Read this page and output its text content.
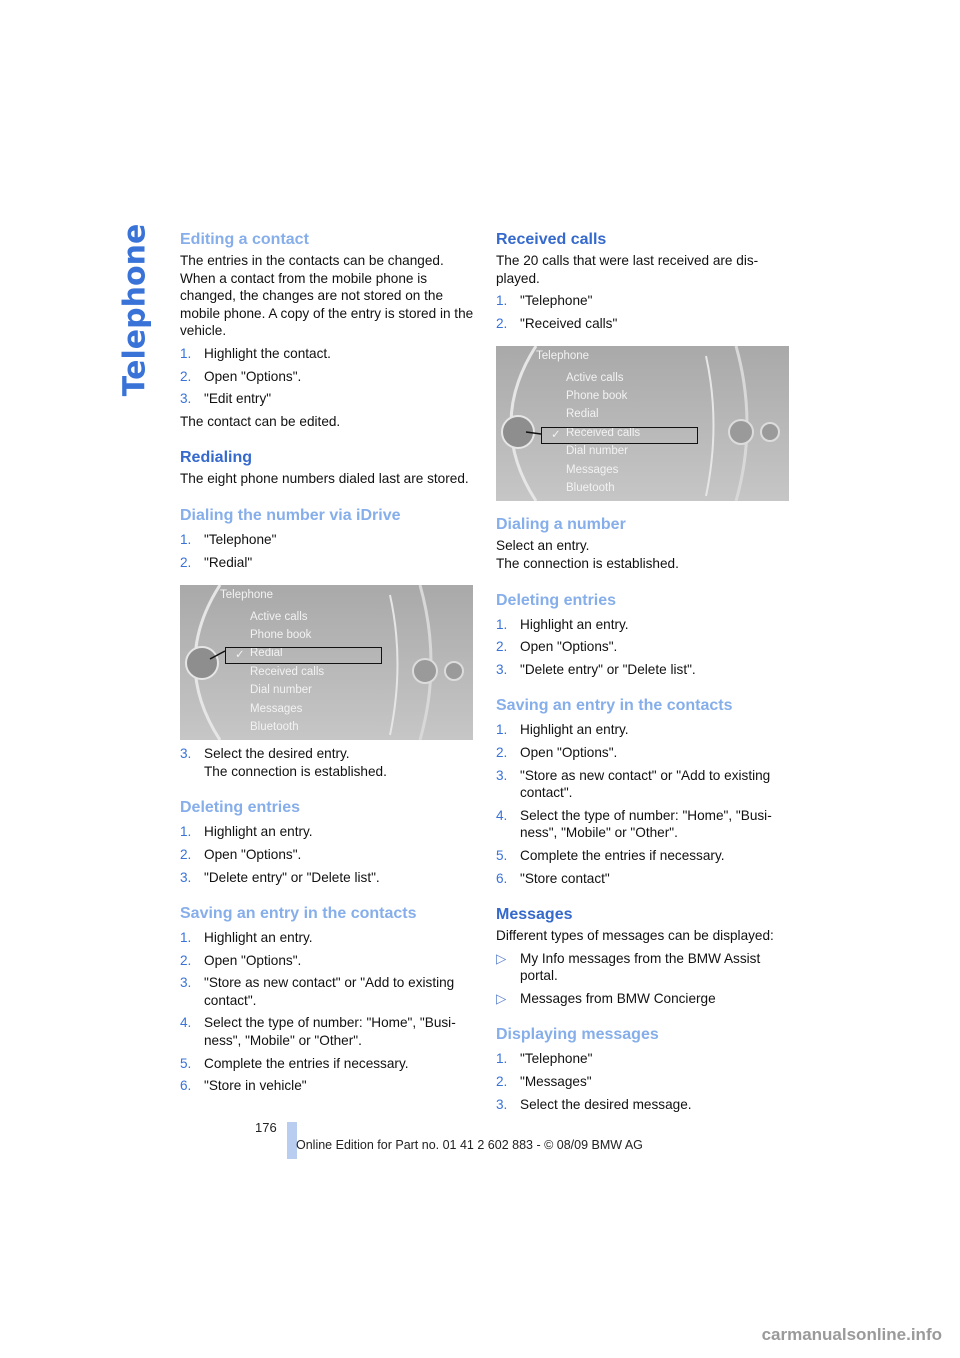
Telephone Editing a contact

The entries in the contacts can be changed. When a contact from the mobile phone is changed, the changes are not stored on the mobile phone. A copy of the entry is stored in the vehicle.

1. Highlight the contact.
2. Open "Options".
3. "Edit entry"

The contact can be edited.

Redialing

The eight phone numbers dialed last are stored.

Dialing the number via iDrive
1. "Telephone"
2. "Redial"
Telephone
Active calls
Phone book
Redial
✓
Received calls
Dial number
Messages
Bluetooth
3. Select the desired entry.
The connection is established.
Deleting entries
1. Highlight an entry.
2. Open "Options".
3. "Delete entry" or "Delete list".
Saving an entry in the contacts
1. Highlight an entry.
2. Open "Options".
3. "Store as new contact" or "Add to existing contact".
4. Select the type of number: "Home", "Busi-ness", "Mobile" or "Other".
5. Complete the entries if necessary.
6. "Store in vehicle"
Received calls

The 20 calls that were last received are dis-played.

1. "Telephone"
2. "Received calls"
Telephone
Active calls
Phone book
Redial
Received calls
✓
Dial number
Messages
Bluetooth
Dialing a number

Select an entry.

The connection is established.

Deleting entries
1. Highlight an entry.
2. Open "Options".
3. "Delete entry" or "Delete list".
Saving an entry in the contacts
1. Highlight an entry.
2. Open "Options".
3. "Store as new contact" or "Add to existing contact".
4. Select the type of number: "Home", "Busi-ness", "Mobile" or "Other".
5. Complete the entries if necessary.
6. "Store contact"
Messages

Different types of messages can be displayed:

▷ My Info messages from the BMW Assist portal.
▷ Messages from BMW Concierge
Displaying messages
1. "Telephone"
2. "Messages"
3. Select the desired message.
176
Online Edition for Part no. 01 41 2 602 883 - © 08/09 BMW AG
carmanualsonline.info
